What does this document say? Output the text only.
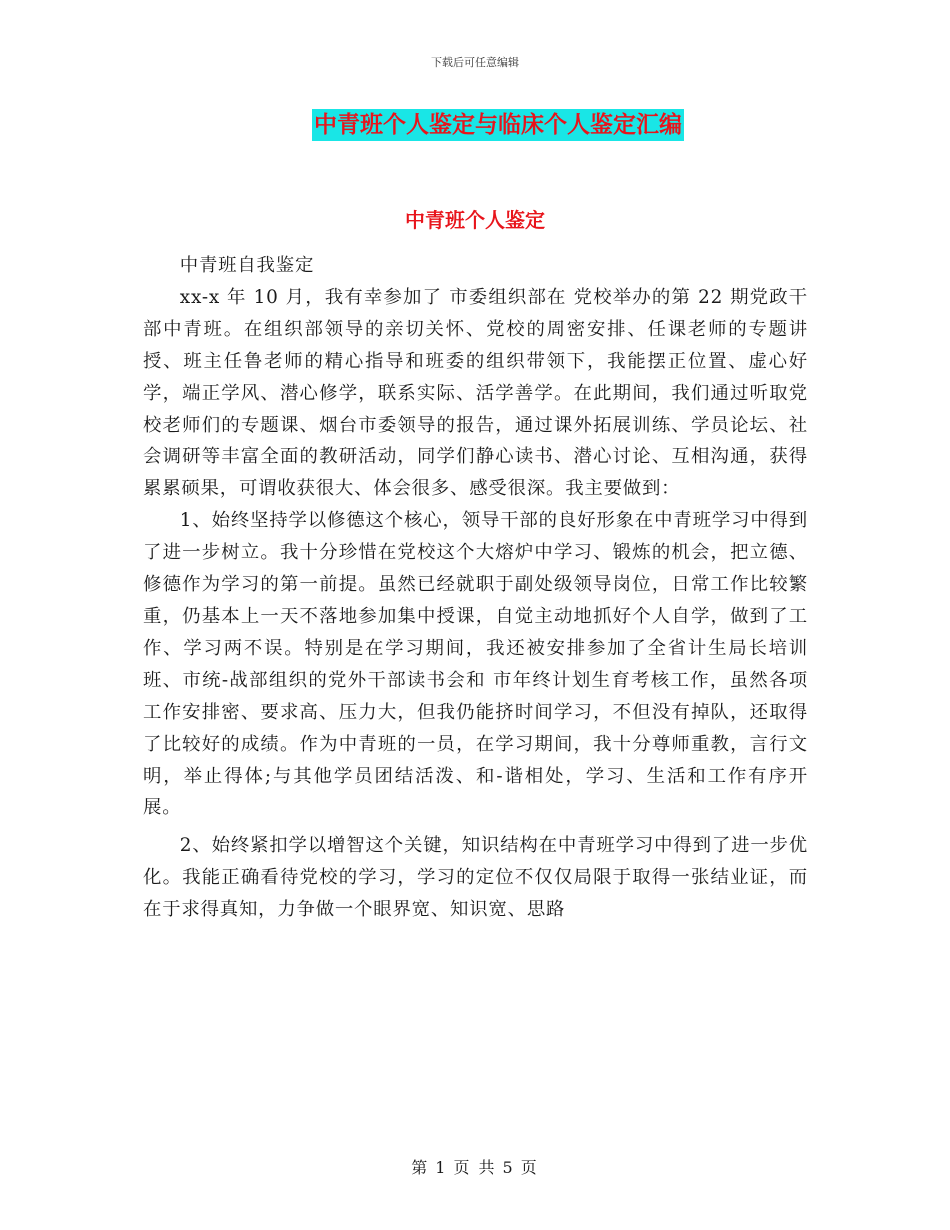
下载后可任意编辑
中青班个人鉴定与临床个人鉴定汇编
中青班个人鉴定

中青班自我鉴定

xx-x 年 10 月，我有幸参加了 市委组织部在 党校举办的第 22 期党政干部中青班。在组织部领导的亲切关怀、党校的周密安排、任课老师的专题讲授、班主任鲁老师的精心指导和班委的组织带领下，我能摆正位置、虚心好学，端正学风、潜心修学，联系实际、活学善学。在此期间，我们通过听取党校老师们的专题课、烟台市委领导的报告，通过课外拓展训练、学员论坛、社会调研等丰富全面的教研活动，同学们静心读书、潜心讨论、互相沟通，获得累累硕果，可谓收获很大、体会很多、感受很深。我主要做到：

1、始终坚持学以修德这个核心，领导干部的良好形象在中青班学习中得到了进一步树立。我十分珍惜在党校这个大熔炉中学习、锻炼的机会，把立德、修德作为学习的第一前提。虽然已经就职于副处级领导岗位，日常工作比较繁重，仍基本上一天不落地参加集中授课，自觉主动地抓好个人自学，做到了工作、学习两不误。特别是在学习期间，我还被安排参加了全省计生局长培训班、市统-战部组织的党外干部读书会和 市年终计划生育考核工作，虽然各项工作安排密、要求高、压力大，但我仍能挤时间学习，不但没有掉队，还取得了比较好的成绩。作为中青班的一员，在学习期间，我十分尊师重教，言行文明，举止得体;与其他学员团结活泼、和-谐相处，学习、生活和工作有序开展。

2、始终紧扣学以增智这个关键，知识结构在中青班学习中得到了进一步优化。我能正确看待党校的学习，学习的定位不仅仅局限于取得一张结业证，而在于求得真知，力争做一个眼界宽、知识宽、思路

第 1 页 共 5 页
